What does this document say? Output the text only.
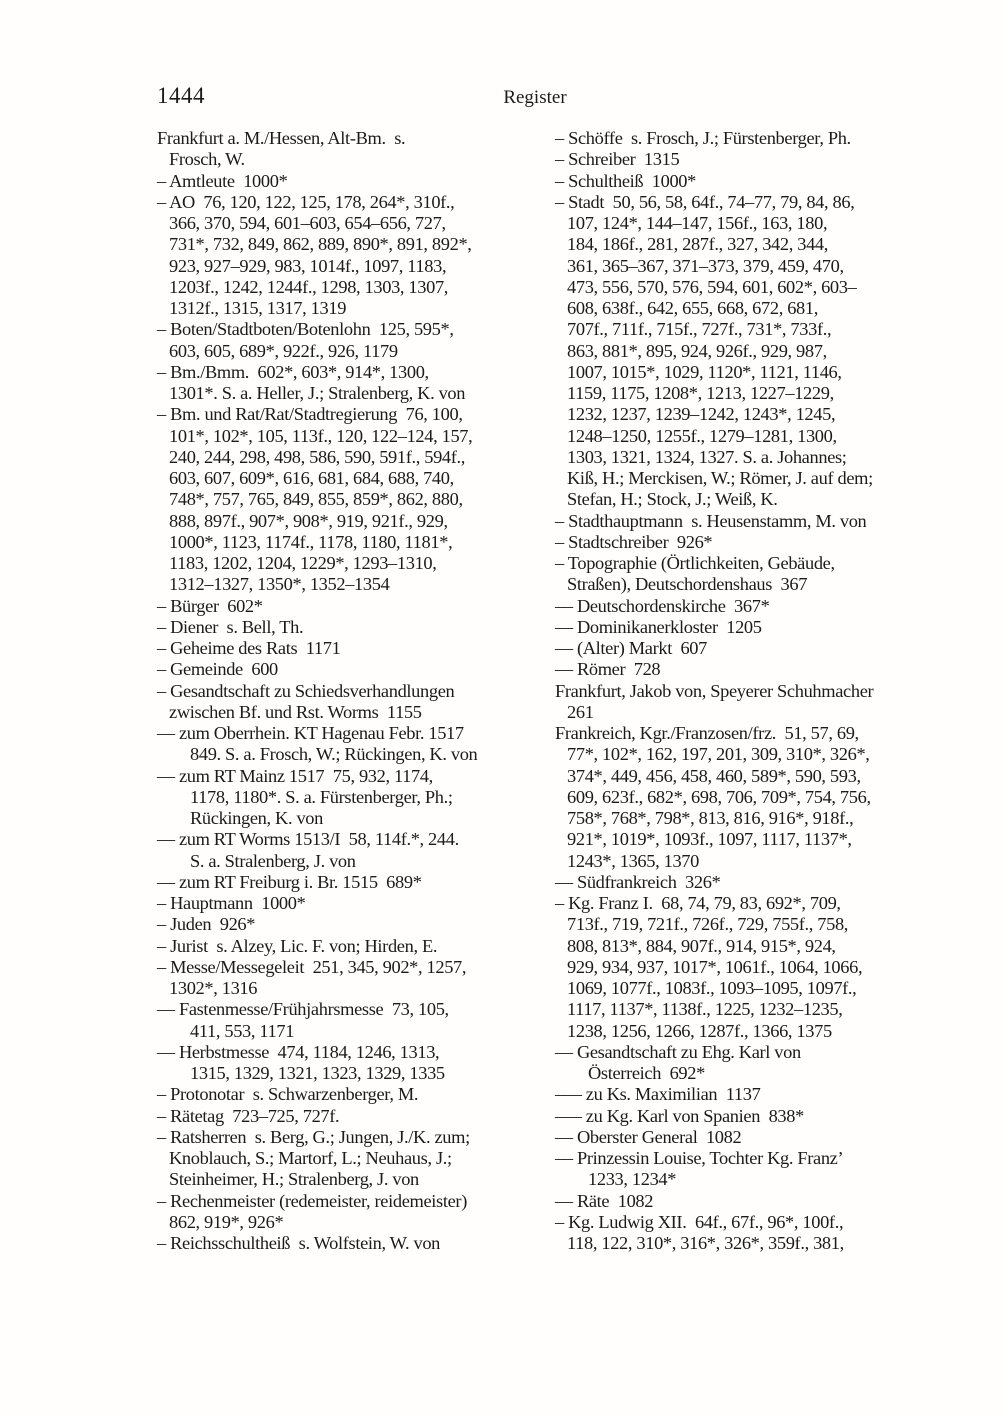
1444	Register
Frankfurt a. M./Hessen, Alt-Bm.  s.
Frosch, W.
– Amtleute  1000*
– AO  76, 120, 122, 125, 178, 264*, 310f.,
366, 370, 594, 601–603, 654–656, 727,
731*, 732, 849, 862, 889, 890*, 891, 892*,
923, 927–929, 983, 1014f., 1097, 1183,
1203f., 1242, 1244f., 1298, 1303, 1307,
1312f., 1315, 1317, 1319
– Boten/Stadtboten/Botenlohn  125, 595*,
603, 605, 689*, 922f., 926, 1179
– Bm./Bmm.  602*, 603*, 914*, 1300,
1301*. S. a. Heller, J.; Stralenberg, K. von
– Bm. und Rat/Rat/Stadtregierung  76, 100,
101*, 102*, 105, 113f., 120, 122–124, 157,
240, 244, 298, 498, 586, 590, 591f., 594f.,
603, 607, 609*, 616, 681, 684, 688, 740,
748*, 757, 765, 849, 855, 859*, 862, 880,
888, 897f., 907*, 908*, 919, 921f., 929,
1000*, 1123, 1174f., 1178, 1180, 1181*,
1183, 1202, 1204, 1229*, 1293–1310,
1312–1327, 1350*, 1352–1354
– Bürger  602*
– Diener  s. Bell, Th.
– Geheime des Rats  1171
– Gemeinde  600
– Gesandtschaft zu Schiedsverhandlungen
zwischen Bf. und Rst. Worms  1155
–– zum Oberrhein. KT Hagenau Febr. 1517
849. S. a. Frosch, W.; Rückingen, K. von
–– zum RT Mainz 1517  75, 932, 1174,
1178, 1180*. S. a. Fürstenberger, Ph.;
Rückingen, K. von
–– zum RT Worms 1513/I  58, 114f.*, 244.
S. a. Stralenberg, J. von
–– zum RT Freiburg i. Br. 1515  689*
– Hauptmann  1000*
– Juden  926*
– Jurist  s. Alzey, Lic. F. von; Hirden, E.
– Messe/Messegeleit  251, 345, 902*, 1257,
1302*, 1316
–– Fastenmesse/Frühjahrsmesse  73, 105,
411, 553, 1171
–– Herbstmesse  474, 1184, 1246, 1313,
1315, 1329, 1321, 1323, 1329, 1335
– Protonotar  s. Schwarzenberger, M.
– Rätetag  723–725, 727f.
– Ratsherren  s. Berg, G.; Jungen, J./K. zum;
Knoblauch, S.; Martorf, L.; Neuhaus, J.;
Steinheimer, H.; Stralenberg, J. von
– Rechenmeister (redemeister, reidemeister)
862, 919*, 926*
– Reichsschultheiß  s. Wolfstein, W. von
– Schöffe  s. Frosch, J.; Fürstenberger, Ph.
– Schreiber  1315
– Schultheiß  1000*
– Stadt  50, 56, 58, 64f., 74–77, 79, 84, 86,
107, 124*, 144–147, 156f., 163, 180,
184, 186f., 281, 287f., 327, 342, 344,
361, 365–367, 371–373, 379, 459, 470,
473, 556, 570, 576, 594, 601, 602*, 603–
608, 638f., 642, 655, 668, 672, 681,
707f., 711f., 715f., 727f., 731*, 733f.,
863, 881*, 895, 924, 926f., 929, 987,
1007, 1015*, 1029, 1120*, 1121, 1146,
1159, 1175, 1208*, 1213, 1227–1229,
1232, 1237, 1239–1242, 1243*, 1245,
1248–1250, 1255f., 1279–1281, 1300,
1303, 1321, 1324, 1327. S. a. Johannes;
Kiß, H.; Merckisen, W.; Römer, J. auf dem;
Stefan, H.; Stock, J.; Weiß, K.
– Stadthauptmann  s. Heusenstamm, M. von
– Stadtschreiber  926*
– Topographie (Örtlichkeiten, Gebäude,
Straßen), Deutschordenshaus  367
–– Deutschordenskirche  367*
–– Dominikanerkloster  1205
–– (Alter) Markt  607
–– Römer  728
Frankfurt, Jakob von, Speyerer Schuhmacher
261
Frankreich, Kgr./Franzosen/frz.  51, 57, 69,
77*, 102*, 162, 197, 201, 309, 310*, 326*,
374*, 449, 456, 458, 460, 589*, 590, 593,
609, 623f., 682*, 698, 706, 709*, 754, 756,
758*, 768*, 798*, 813, 816, 916*, 918f.,
921*, 1019*, 1093f., 1097, 1117, 1137*,
1243*, 1365, 1370
–– Südfrankreich  326*
– Kg. Franz I.  68, 74, 79, 83, 692*, 709,
713f., 719, 721f., 726f., 729, 755f., 758,
808, 813*, 884, 907f., 914, 915*, 924,
929, 934, 937, 1017*, 1061f., 1064, 1066,
1069, 1077f., 1083f., 1093–1095, 1097f.,
1117, 1137*, 1138f., 1225, 1232–1235,
1238, 1256, 1266, 1287f., 1366, 1375
–– Gesandtschaft zu Ehg. Karl von
Österreich  692*
––– zu Ks. Maximilian  1137
––– zu Kg. Karl von Spanien  838*
–– Oberster General  1082
–– Prinzessin Louise, Tochter Kg. Franz’
1233, 1234*
–– Räte  1082
– Kg. Ludwig XII.  64f., 67f., 96*, 100f.,
118, 122, 310*, 316*, 326*, 359f., 381,
